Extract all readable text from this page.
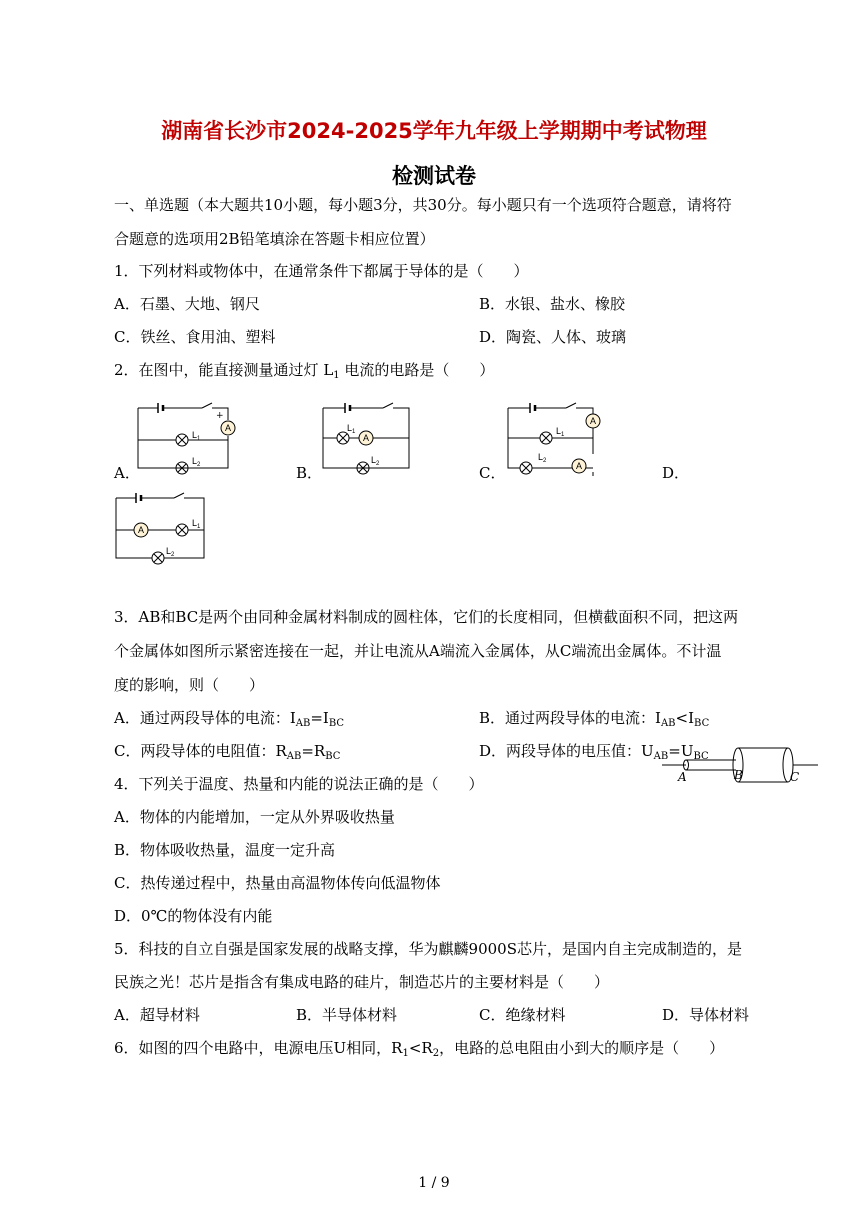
湖南省长沙市2024-2025学年九年级上学期期中考试物理
检测试卷
一、单选题（本大题共10小题，每小题3分，共30分。每小题只有一个选项符合题意，请将符
合题意的选项用2B铅笔填涂在答题卡相应位置）
1．下列材料或物体中，在通常条件下都属于导体的是（　　）
A．石墨、大地、钢尺	B．水银、盐水、橡胶
C．铁丝、食用油、塑料	D．陶瓷、人体、玻璃
2．在图中，能直接测量通过灯 $L_1$ 电流的电路是（　　）
A．	B．	C．	D．
A
+
$L_1$
$L_2$
A
$L_1$
$L_2$
A
A
$L_1$
$L_2$
A
$L_1$
$L_2$
3．AB和BC是两个由同种金属材料制成的圆柱体，它们的长度相同，但横截面积不同，把这两
个金属体如图所示紧密连接在一起，并让电流从A端流入金属体，从C端流出金属体。不计温
度的影响，则（　　）
A．通过两段导体的电流：$I_{AB}=I_{BC}$	B．通过两段导体的电流：$I_{AB}<I_{BC}$
C．两段导体的电阻值：$R_{AB}=R_{BC}$	D．两段导体的电压值：$U_{AB}=U_{BC}$
A	B	C
4．下列关于温度、热量和内能的说法正确的是（　　）
A．物体的内能增加，一定从外界吸收热量
B．物体吸收热量，温度一定升高
C．热传递过程中，热量由高温物体传向低温物体
D．0℃的物体没有内能
5．科技的自立自强是国家发展的战略支撑，华为麒麟9000S芯片，是国内自主完成制造的，是
民族之光！芯片是指含有集成电路的硅片，制造芯片的主要材料是（　　）
A．超导材料	B．半导体材料	C．绝缘材料	D．导体材料
6．如图的四个电路中，电源电压U相同，$R_1<R_2$，电路的总电阻由小到大的顺序是（　　）
1 / 9
